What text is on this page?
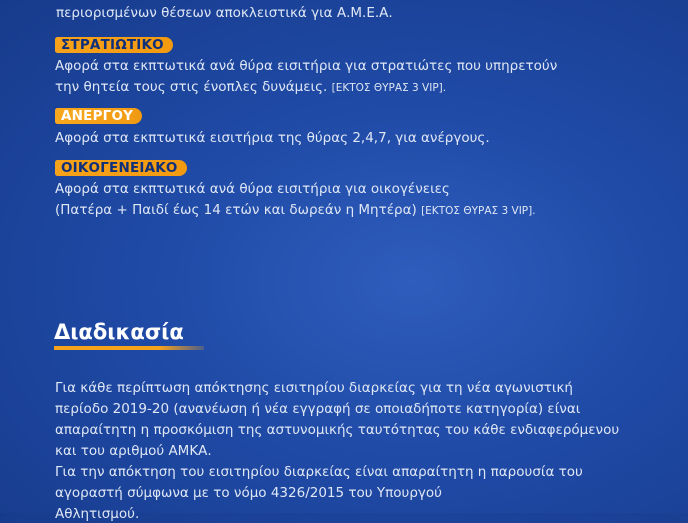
περιορισμένων θέσεων αποκλειστικά για Α.Μ.Ε.Α.
ΣΤΡΑΤΙΩΤΙΚΟ
Αφορά στα εκπτωτικά ανά θύρα εισιτήρια για στρατιώτες που υπηρετούν
την θητεία τους στις ένοπλες δυνάμεις. [ΕΚΤΟΣ ΘΥΡΑΣ 3 VIP].
ΑΝΕΡΓΟΥ
Αφορά στα εκπτωτικά εισιτήρια της θύρας 2,4,7, για ανέργους.
ΟΙΚΟΓΕΝΕΙΑΚΟ
Αφορά στα εκπτωτικά ανά θύρα εισιτήρια για οικογένειες
(Πατέρα + Παιδί έως 14 ετών και δωρεάν η Μητέρα) [ΕΚΤΟΣ ΘΥΡΑΣ 3 VIP].
Διαδικασία
Για κάθε περίπτωση απόκτησης εισιτηρίου διαρκείας για τη νέα αγωνιστική
περίοδο 2019-20 (ανανέωση ή νέα εγγραφή σε οποιαδήποτε κατηγορία) είναι
απαραίτητη η προσκόμιση της αστυνομικής ταυτότητας του κάθε ενδιαφερόμενου
και του αριθμού ΑΜΚΑ.
Για την απόκτηση του εισιτηρίου διαρκείας είναι απαραίτητη η παρουσία του
αγοραστή σύμφωνα με το νόμο 4326/2015 του Υπουργού
Αθλητισμού.
